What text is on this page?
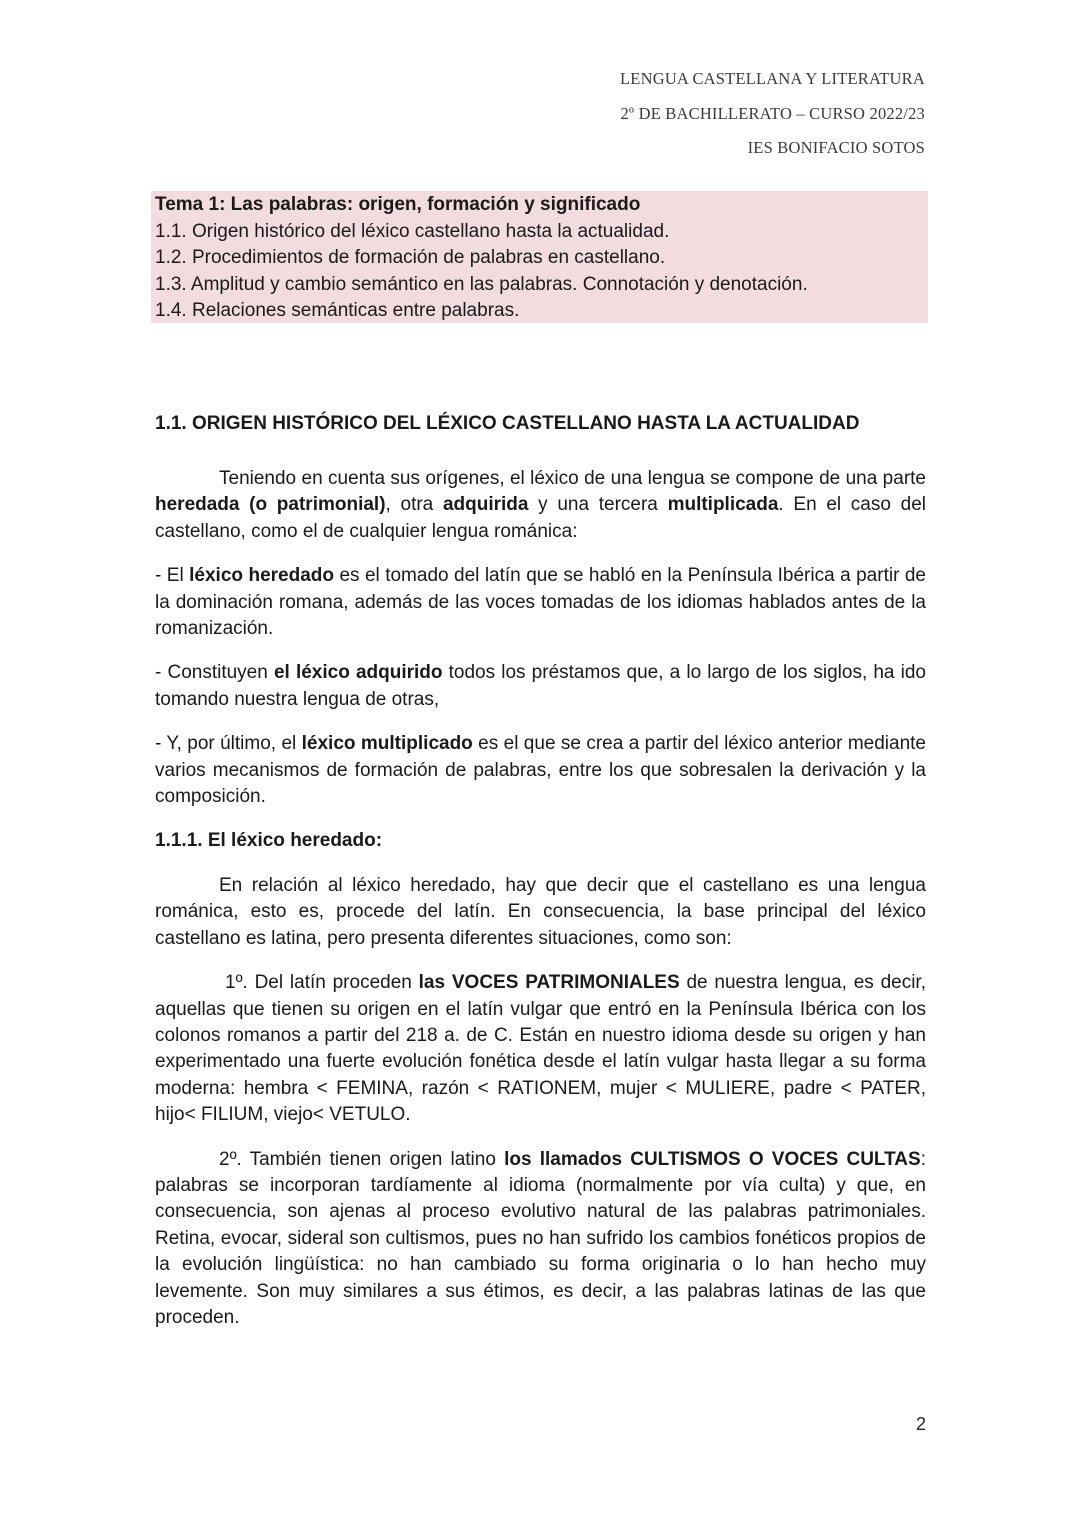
LENGUA CASTELLANA Y LITERATURA
2º DE BACHILLERATO – CURSO 2022/23
IES BONIFACIO SOTOS
Tema 1: Las palabras: origen, formación y significado
1.1. Origen histórico del léxico castellano hasta la actualidad.
1.2. Procedimientos de formación de palabras en castellano.
1.3. Amplitud y cambio semántico en las palabras. Connotación y denotación.
1.4. Relaciones semánticas entre palabras.
1.1. ORIGEN HISTÓRICO DEL LÉXICO CASTELLANO HASTA LA ACTUALIDAD
Teniendo en cuenta sus orígenes, el léxico de una lengua se compone de una parte heredada (o patrimonial), otra adquirida y una tercera multiplicada. En el caso del castellano, como el de cualquier lengua románica:
- El léxico heredado es el tomado del latín que se habló en la Península Ibérica a partir de la dominación romana, además de las voces tomadas de los idiomas hablados antes de la romanización.
- Constituyen el léxico adquirido todos los préstamos que, a lo largo de los siglos, ha ido tomando nuestra lengua de otras,
- Y, por último, el léxico multiplicado es el que se crea a partir del léxico anterior mediante varios mecanismos de formación de palabras, entre los que sobresalen la derivación y la composición.
1.1.1. El léxico heredado:
En relación al léxico heredado, hay que decir que el castellano es una lengua románica, esto es, procede del latín. En consecuencia, la base principal del léxico castellano es latina, pero presenta diferentes situaciones, como son:
1º. Del latín proceden las VOCES PATRIMONIALES de nuestra lengua, es decir, aquellas que tienen su origen en el latín vulgar que entró en la Península Ibérica con los colonos romanos a partir del 218 a. de C. Están en nuestro idioma desde su origen y han experimentado una fuerte evolución fonética desde el latín vulgar hasta llegar a su forma moderna: hembra < FEMINA, razón < RATIONEM, mujer < MULIERE, padre < PATER, hijo< FILIUM, viejo< VETULO.
2º. También tienen origen latino los llamados CULTISMOS O VOCES CULTAS: palabras se incorporan tardíamente al idioma (normalmente por vía culta) y que, en consecuencia, son ajenas al proceso evolutivo natural de las palabras patrimoniales. Retina, evocar, sideral son cultismos, pues no han sufrido los cambios fonéticos propios de la evolución lingüística: no han cambiado su forma originaria o lo han hecho muy levemente. Son muy similares a sus étimos, es decir, a las palabras latinas de las que proceden.
2
